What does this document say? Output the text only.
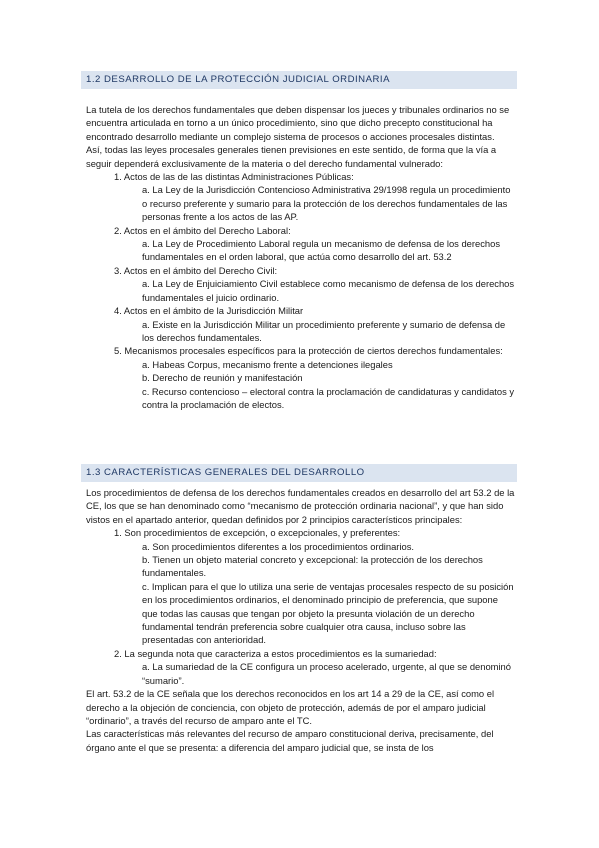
1.2 DESARROLLO DE LA PROTECCIÓN JUDICIAL ORDINARIA

La tutela de los derechos fundamentales que deben dispensar los jueces y tribunales ordinarios no se encuentra articulada en torno a un único procedimiento, sino que dicho precepto constitucional ha encontrado desarrollo mediante un complejo sistema de procesos o acciones procesales distintas.

Así, todas las leyes procesales generales tienen previsiones en este sentido, de forma que la vía a seguir dependerá exclusivamente de la materia o del derecho fundamental vulnerado:

1. Actos de las de las distintas Administraciones Públicas:
a. La Ley de la Jurisdicción Contencioso Administrativa 29/1998 regula un procedimiento o recurso preferente y sumario para la protección de los derechos fundamentales de las personas frente a los actos de las AP.
2. Actos en el ámbito del Derecho Laboral:
a. La Ley de Procedimiento Laboral regula un mecanismo de defensa de los derechos fundamentales en el orden laboral, que actúa como desarrollo del art. 53.2
3. Actos en el ámbito del Derecho Civil:
a. La Ley de Enjuiciamiento Civil establece como mecanismo de defensa de los derechos fundamentales el juicio ordinario.
4. Actos en el ámbito de la Jurisdicción Militar
a. Existe en la Jurisdicción Militar un procedimiento preferente y sumario de defensa de los derechos fundamentales.
5. Mecanismos procesales específicos para la protección de ciertos derechos fundamentales:
a. Habeas Corpus, mecanismo frente a detenciones ilegales
b. Derecho de reunión y manifestación
c. Recurso contencioso – electoral contra la proclamación de candidaturas y candidatos y contra la proclamación de electos.
1.3 CARACTERÍSTICAS GENERALES DEL DESARROLLO

Los procedimientos de defensa de los derechos fundamentales creados en desarrollo del art 53.2 de la CE, los que se han denominado como “mecanismo de protección ordinaria nacional”, y que han sido vistos en el apartado anterior, quedan definidos por 2 principios característicos principales:

1. Son procedimientos de excepción, o excepcionales, y preferentes:
a. Son procedimientos diferentes a los procedimientos ordinarios.
b. Tienen un objeto material concreto y excepcional: la protección de los derechos fundamentales.
c. Implican para el que lo utiliza una serie de ventajas procesales respecto de su posición en los procedimientos ordinarios, el denominado principio de preferencia, que supone que todas las causas que tengan por objeto la presunta violación de un derecho fundamental tendrán preferencia sobre cualquier otra causa, incluso sobre las presentadas con anterioridad.
2. La segunda nota que caracteriza a estos procedimientos es la sumariedad:
a. La sumariedad de la CE configura un proceso acelerado, urgente, al que se denominó “sumario”.

El art. 53.2 de la CE señala que los derechos reconocidos en los art 14 a 29 de la CE, así como el derecho a la objeción de conciencia, con objeto de protección, además de por el amparo judicial “ordinario”, a través del recurso de amparo ante el TC.

Las características más relevantes del recurso de amparo constitucional deriva, precisamente, del órgano ante el que se presenta: a diferencia del amparo judicial que, se insta de los
